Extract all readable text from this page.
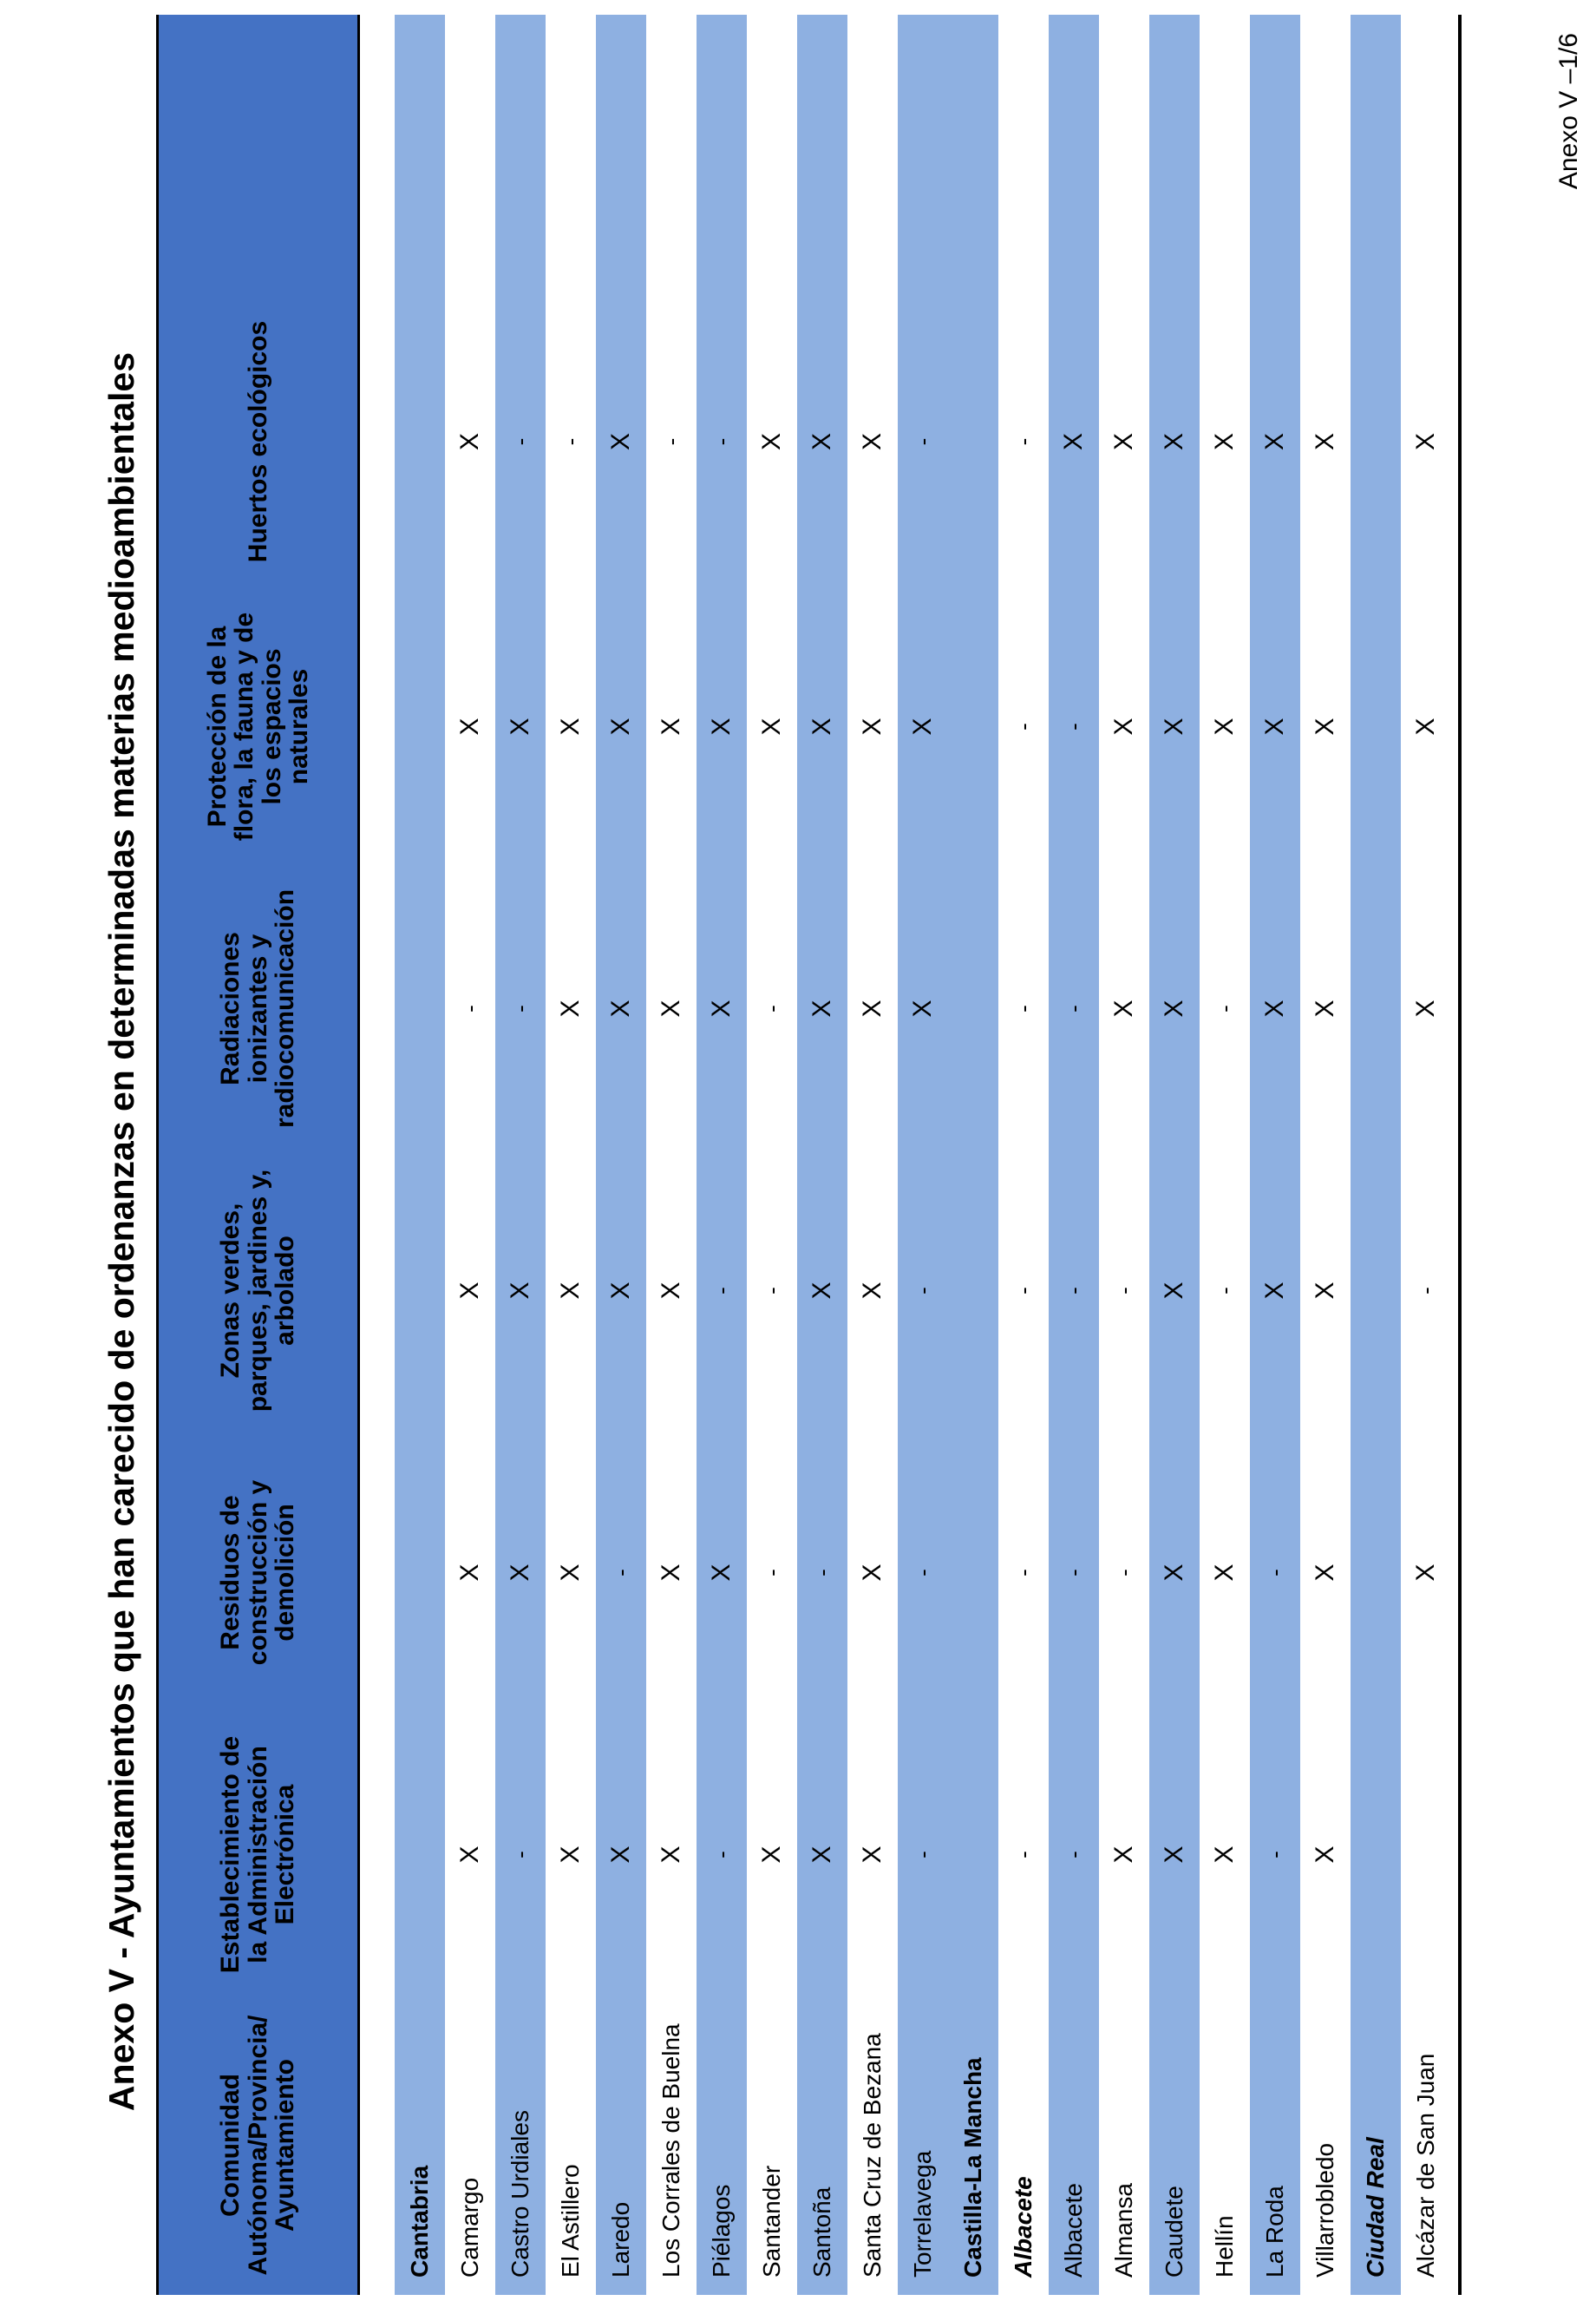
Anexo V –1/6
Anexo V - Ayuntamientos que han carecido de ordenanzas en determinadas materias medioambientales
Comunidad Autónoma/Provincia/ Ayuntamiento
Establecimiento de la Administración Electrónica
Residuos de construcción y demolición
Zonas verdes, parques, jardines y, arbolado
Radiaciones ionizantes y radiocomunicación
Protección de la flora, la fauna y de los espacios naturales
Huertos ecológicos
Cantabria Camargo
X
X
X
-
X
X
Castro Urdiales
-
X
X
-
X
-
El Astillero
X
X
X
X
X
-
Laredo
X
-
X
X
X
X
Los Corrales de Buelna
X
X
X
X
X
-
Piélagos
-
X
-
X
X
-
Santander
X
-
-
-
X
X
Santoña
X
-
X
X
X
X
Santa Cruz de Bezana
X
X
X
X
X
X
Torrelavega
-
-
-
X
X
-
Castilla-La Mancha Albacete
-
-
-
-
-
-
Albacete
-
-
-
-
-
X
Almansa
X
-
-
X
X
X
Caudete
X
X
X
X
X
X
Hellín
X
X
-
-
X
X
La Roda
-
-
X
X
X
X
Villarrobledo
X
X
X
X
X
X
Ciudad Real Alcázar de San Juan
X
-
X
X
X
